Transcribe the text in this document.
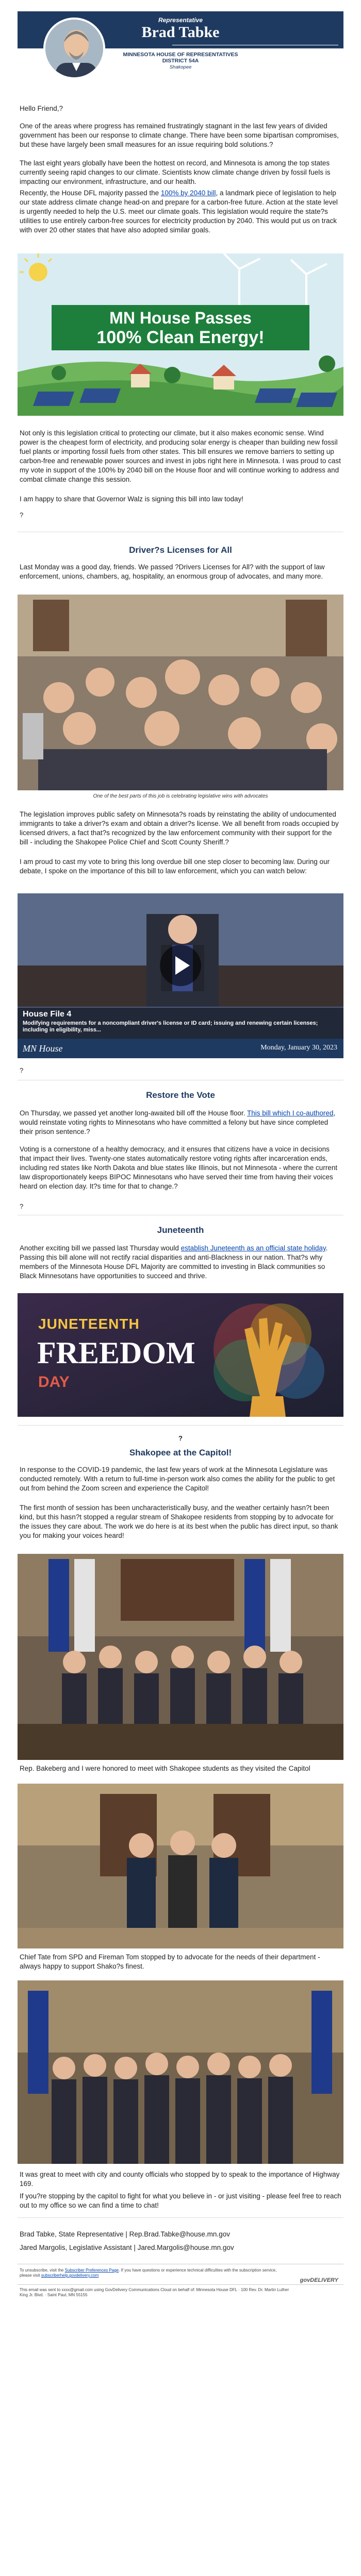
Representative
Brad Tabke
MINNESOTA HOUSE OF REPRESENTATIVES
DISTRICT 54A
Shakopee

Hello Friend,?

One of the areas where progress has remained frustratingly stagnant in the last few years of divided government has been our response to climate change. There have been some bipartisan compromises, but these have largely been small measures for an issue requiring bold solutions.?

The last eight years globally have been the hottest on record, and Minnesota is among the top states currently seeing rapid changes to our climate. Scientists know climate change driven by fossil fuels is impacting our environment, infrastructure, and our health.

Recently, the House DFL majority passed the 100% by 2040 bill, a landmark piece of legislation to help our state address climate change head-on and prepare for a carbon-free future. Action at the state level is urgently needed to help the U.S. meet our climate goals. This legislation would require the state?s utilities to use entirely carbon-free sources for electricity production by 2040. This would put us on track with over 20 other states that have also adopted similar goals.

MN House Passes
100% Clean Energy!

Not only is this legislation critical to protecting our climate, but it also makes economic sense. Wind power is the cheapest form of electricity, and producing solar energy is cheaper than building new fossil fuel plants or importing fossil fuels from other states. This bill ensures we remove barriers to setting up carbon-free and renewable power sources and invest in jobs right here in Minnesota. I was proud to cast my vote in support of the 100% by 2040 bill on the House floor and will continue working to address and combat climate change this session.

I am happy to share that Governor Walz is signing this bill into law today!

?

Driver?s Licenses for All

Last Monday was a good day, friends. We passed ?Drivers Licenses for All? with the support of law enforcement, unions, chambers, ag, hospitality, an enormous group of advocates, and many more.

One of the best parts of this job is celebrating legislative wins with advocates

The legislation improves public safety on Minnesota?s roads by reinstating the ability of undocumented immigrants to take a driver?s exam and obtain a driver?s license. We all benefit from roads occupied by licensed drivers, a fact that?s recognized by the law enforcement community with their support for the bill - including the Shakopee Police Chief and Scott County Sheriff.?

I am proud to cast my vote to bring this long overdue bill one step closer to becoming law. During our debate, I spoke on the importance of this bill to law enforcement, which you can watch below:

House File 4
Modifying requirements for a noncompliant driver's license or ID card; issuing and renewing certain licenses; including in eligibility, miss...
MN House	Monday, January 30, 2023

?

Restore the Vote

On Thursday, we passed yet another long-awaited bill off the House floor. This bill which I co-authored, would reinstate voting rights to Minnesotans who have committed a felony but have since completed their prison sentence.?

Voting is a cornerstone of a healthy democracy, and it ensures that citizens have a voice in decisions that impact their lives. Twenty-one states automatically restore voting rights after incarceration ends, including red states like North Dakota and blue states like Illinois, but not Minnesota - where the current law disproportionately keeps BIPOC Minnesotans who have served their time from having their voices heard on election day. It?s time for that to change.?

?

Juneteenth

Another exciting bill we passed last Thursday would establish Juneteenth as an official state holiday. Passing this bill alone will not rectify racial disparities and anti-Blackness in our nation. That?s why members of the Minnesota House DFL Majority are committed to investing in Black communities so Black Minnesotans have opportunities to succeed and thrive.

JUNETEENTH
FREEDOM
DAY

?

Shakopee at the Capitol!

In response to the COVID-19 pandemic, the last few years of work at the Minnesota Legislature was conducted remotely. With a return to full-time in-person work also comes the ability for the public to get out from behind the Zoom screen and experience the Capitol!

The first month of session has been uncharacteristically busy, and the weather certainly hasn?t been kind, but this hasn?t stopped a regular stream of Shakopee residents from stopping by to advocate for the issues they care about. The work we do here is at its best when the public has direct input, so thank you for making your voices heard!

Rep. Bakeberg and I were honored to meet with Shakopee students as they visited the Capitol

Chief Tate from SPD and Fireman Tom stopped by to advocate for the needs of their department - always happy to support Shako?s finest.

It was great to meet with city and county officials who stopped by to speak to the importance of Highway 169.

If you?re stopping by the capitol to fight for what you believe in - or just visiting - please feel free to reach out to my office so we can find a time to chat!

Brad Tabke, State Representative | Rep.Brad.Tabke@house.mn.gov

Jared Margolis, Legislative Assistant | Jared.Margolis@house.mn.gov

To unsubscribe, visit the Subscriber Preferences Page. If you have questions or experience technical difficulties with the subscription service, please visit subscriberhelp.govdelivery.com

govDELIVERY

This email was sent to xxxx@gmail.com using GovDelivery Communications Cloud on behalf of: Minnesota House DFL · 100 Rev. Dr. Martin Luther King Jr. Blvd. · Saint Paul, MN 55155
